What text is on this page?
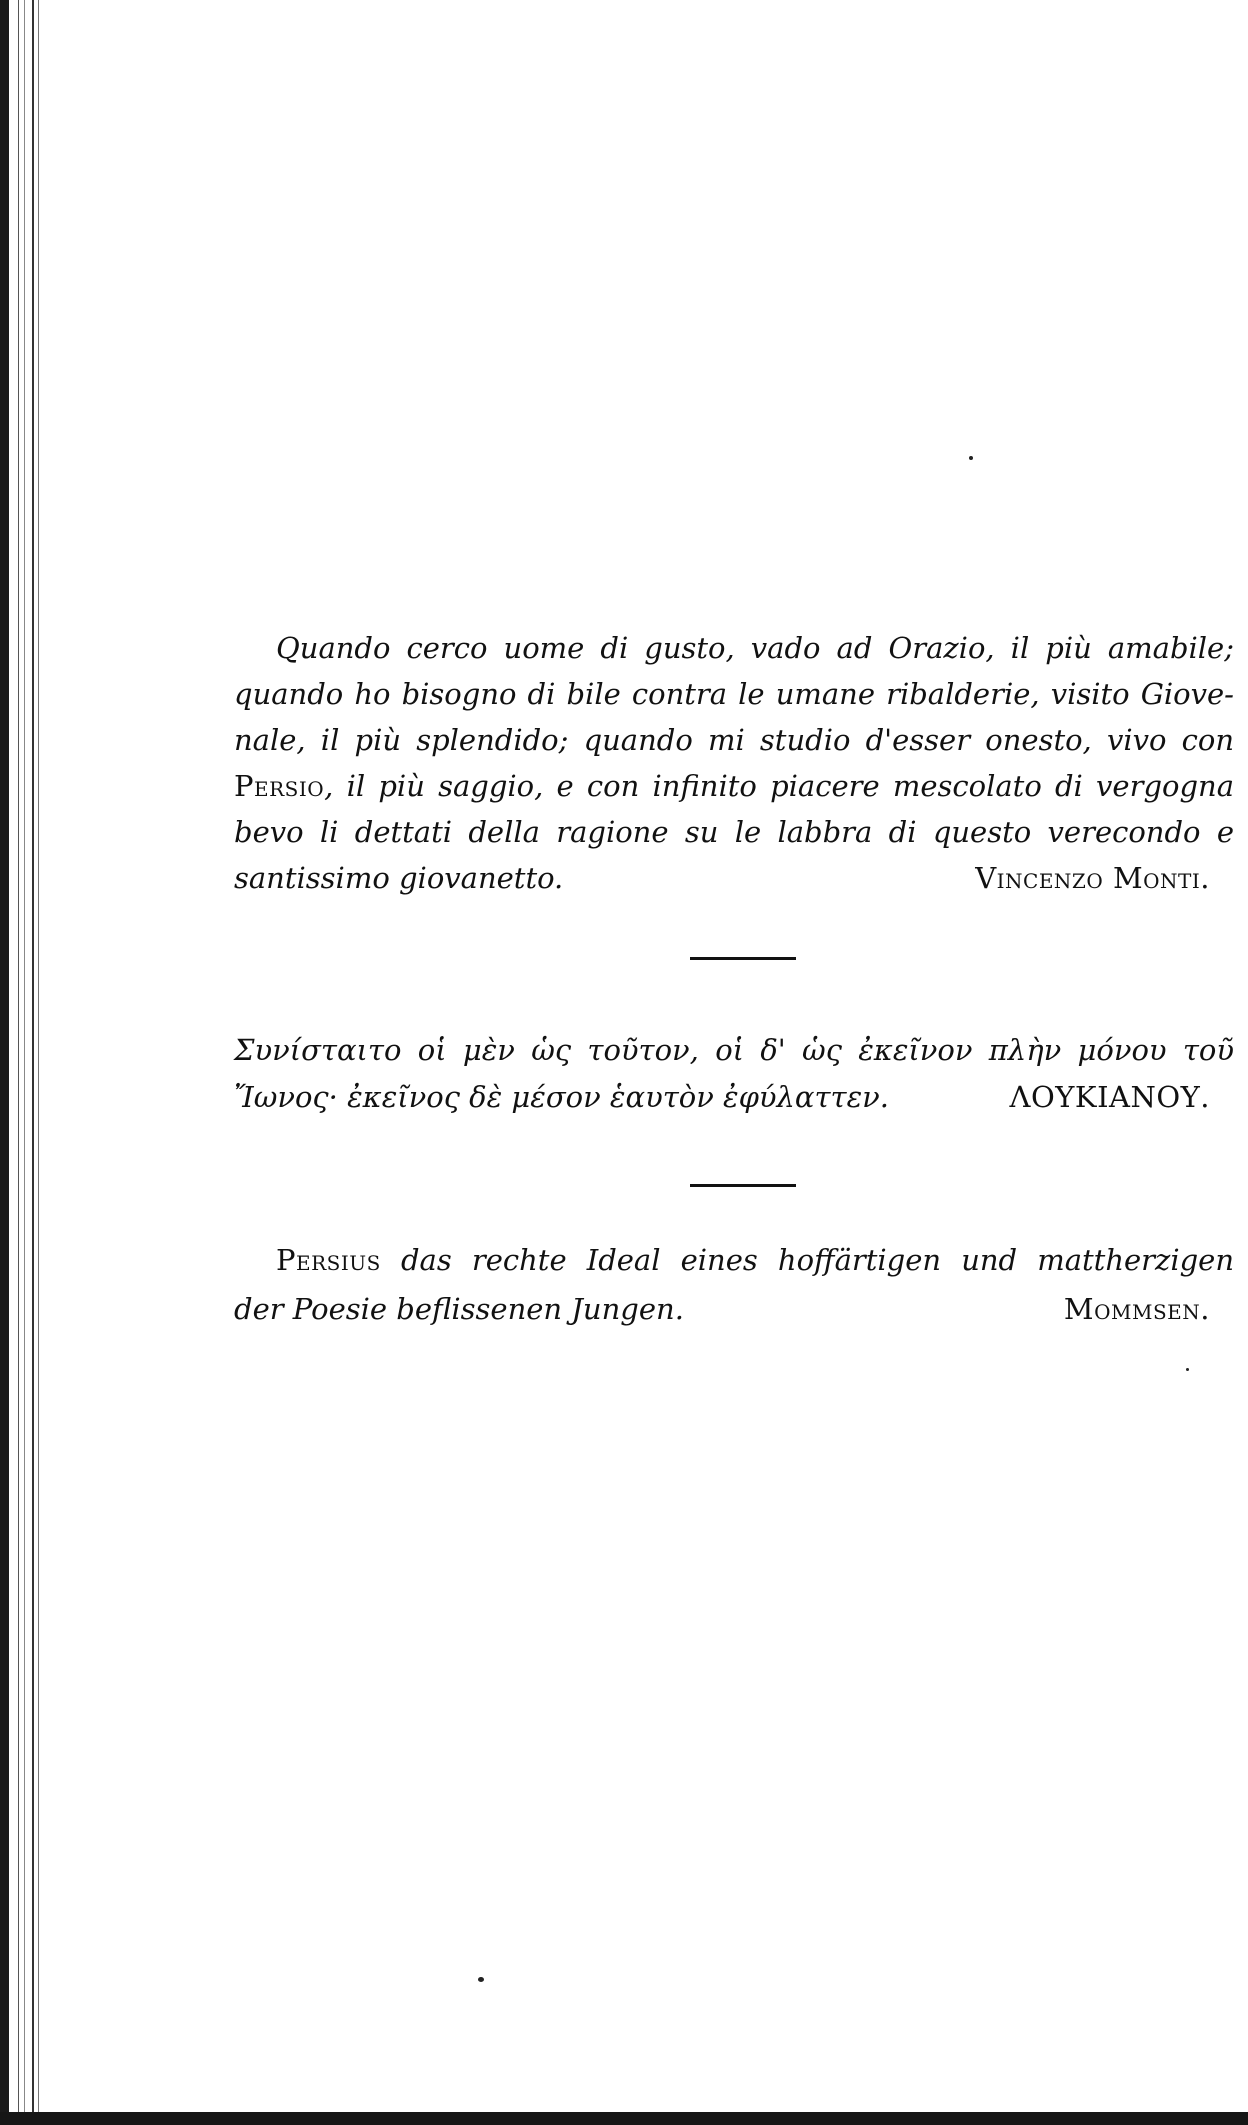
Quando cerco uome di gusto, vado ad Orazio, il più amabile;
quando ho bisogno di bile contra le umane ribalderie, visito Giove-
nale, il più splendido; quando mi studio d'esser onesto, vivo con
Persio, il più saggio, e con infinito piacere mescolato di vergogna
bevo li dettati della ragione su le labbra di questo verecondo e
santissimo giovanetto.	Vincenzo Monti.
Συνίσταιτο οἱ μὲν ὡς τοῦτον, οἱ δ' ὡς ἐκεῖνον πλὴν μόνου τοῦ
Ἴωνος· ἐκεῖνος δὲ μέσον ἑαυτὸν ἐφύλαττεν.	ΛΟΥΚΙΑΝΟΥ.
Persius das rechte Ideal eines hoffärtigen und mattherzigen
der Poesie beflissenen Jungen.	Mommsen.
